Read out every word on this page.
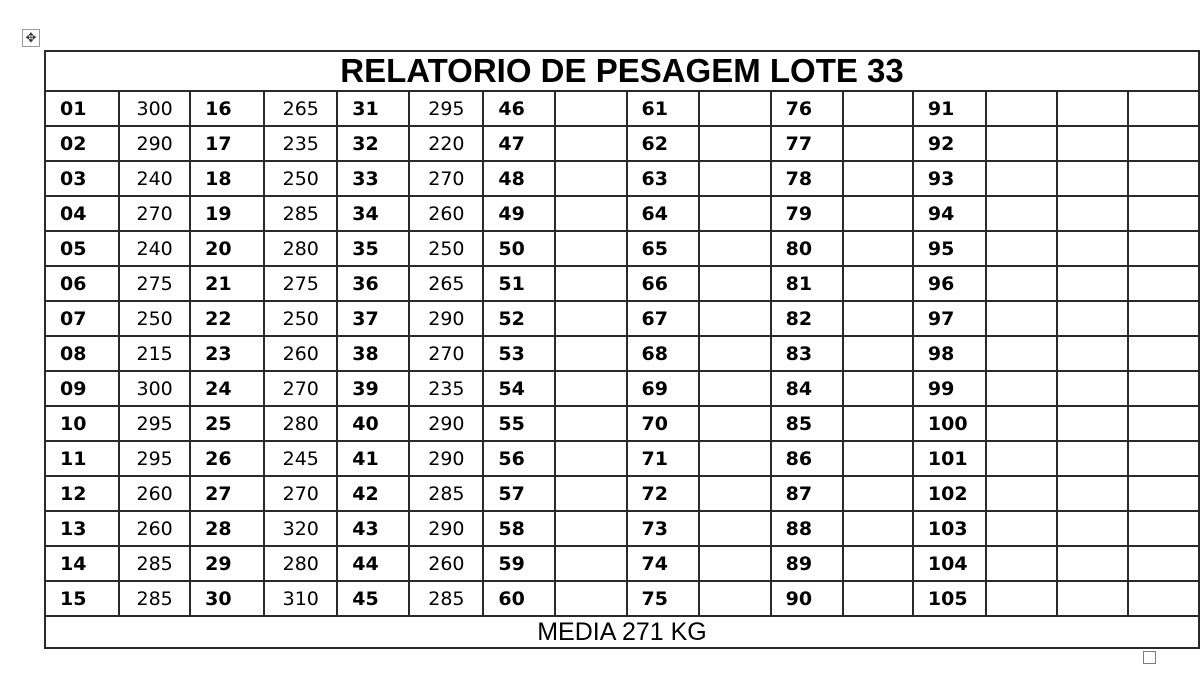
✥
RELATORIO DE PESAGEM LOTE 33															
01	300	16	265	31	295	46		61		76		91			
02	290	17	235	32	220	47		62		77		92			
03	240	18	250	33	270	48		63		78		93			
04	270	19	285	34	260	49		64		79		94			
05	240	20	280	35	250	50		65		80		95			
06	275	21	275	36	265	51		66		81		96			
07	250	22	250	37	290	52		67		82		97			
08	215	23	260	38	270	53		68		83		98			
09	300	24	270	39	235	54		69		84		99			
10	295	25	280	40	290	55		70		85		100			
11	295	26	245	41	290	56		71		86		101			
12	260	27	270	42	285	57		72		87		102			
13	260	28	320	43	290	58		73		88		103			
14	285	29	280	44	260	59		74		89		104			
15	285	30	310	45	285	60		75		90		105			
MEDIA 271 KG															
